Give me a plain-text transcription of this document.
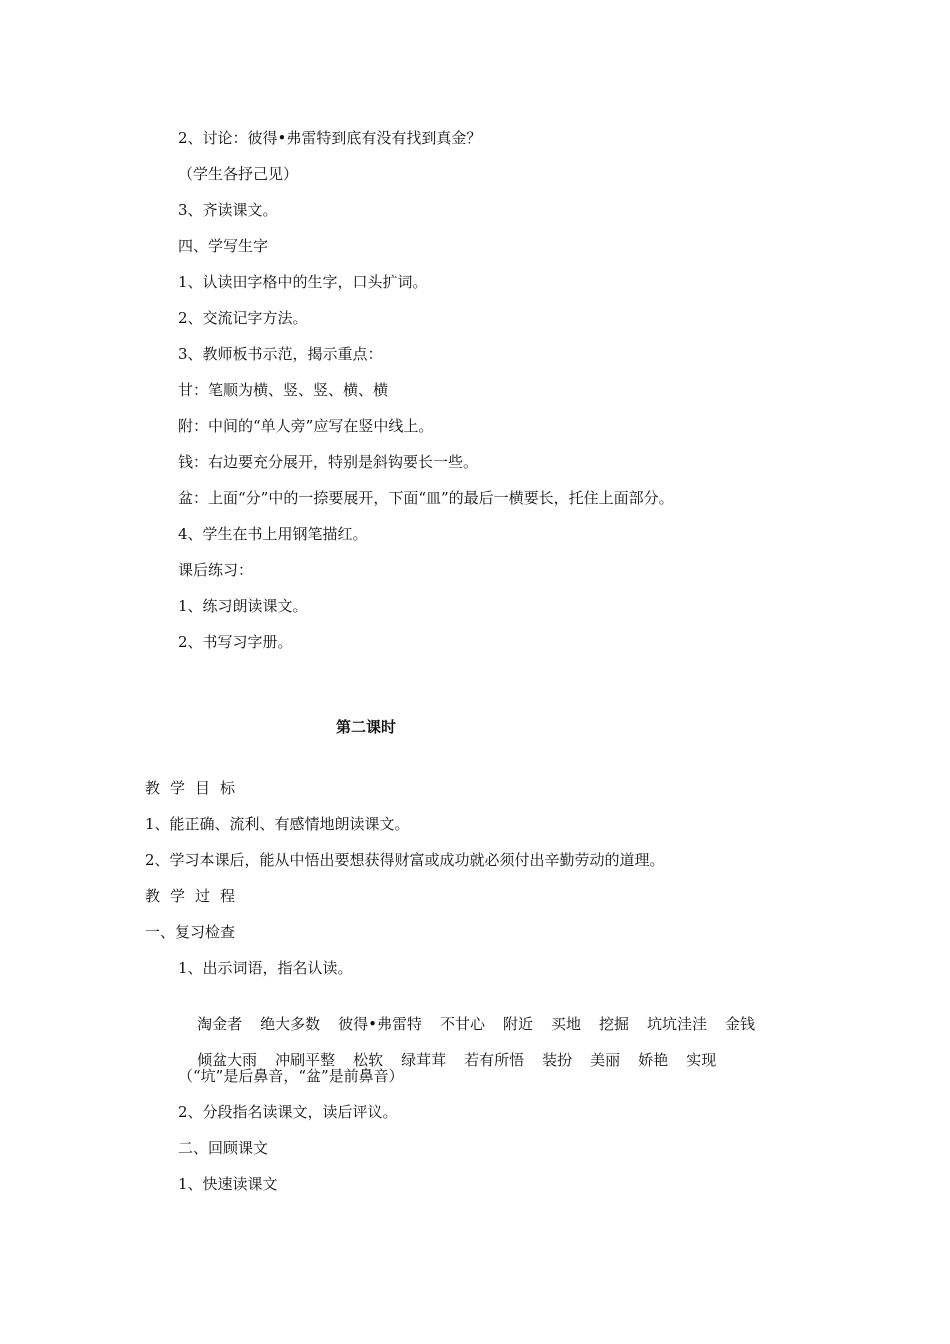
2、讨论：彼得•弗雷特到底有没有找到真金？
（学生各抒己见）
3、齐读课文。
四、学写生字
1、认读田字格中的生字，口头扩词。
2、交流记字方法。
3、教师板书示范，揭示重点：
甘：笔顺为横、竖、竖、横、横
附：中间的“单人旁”应写在竖中线上。
钱：右边要充分展开，特别是斜钩要长一些。
盆：上面“分”中的一捺要展开，下面“皿”的最后一横要长，托住上面部分。
4、学生在书上用钢笔描红。
课后练习：
1、练习朗读课文。
2、书写习字册。
第二课时
教学目标
1、能正确、流利、有感情地朗读课文。
2、学习本课后，能从中悟出要想获得财富或成功就必须付出辛勤劳动的道理。
教学过程
一、复习检查
1、出示词语，指名认读。

淘金者 绝大多数 彼得•弗雷特 不甘心 附近 买地 挖掘 坑坑洼洼 金钱

倾盆大雨 冲刷平整 松软 绿茸茸 若有所悟 装扮 美丽 娇艳 实现

（“坑”是后鼻音，“盆”是前鼻音）
2、分段指名读课文，读后评议。
二、回顾课文
1、快速读课文
